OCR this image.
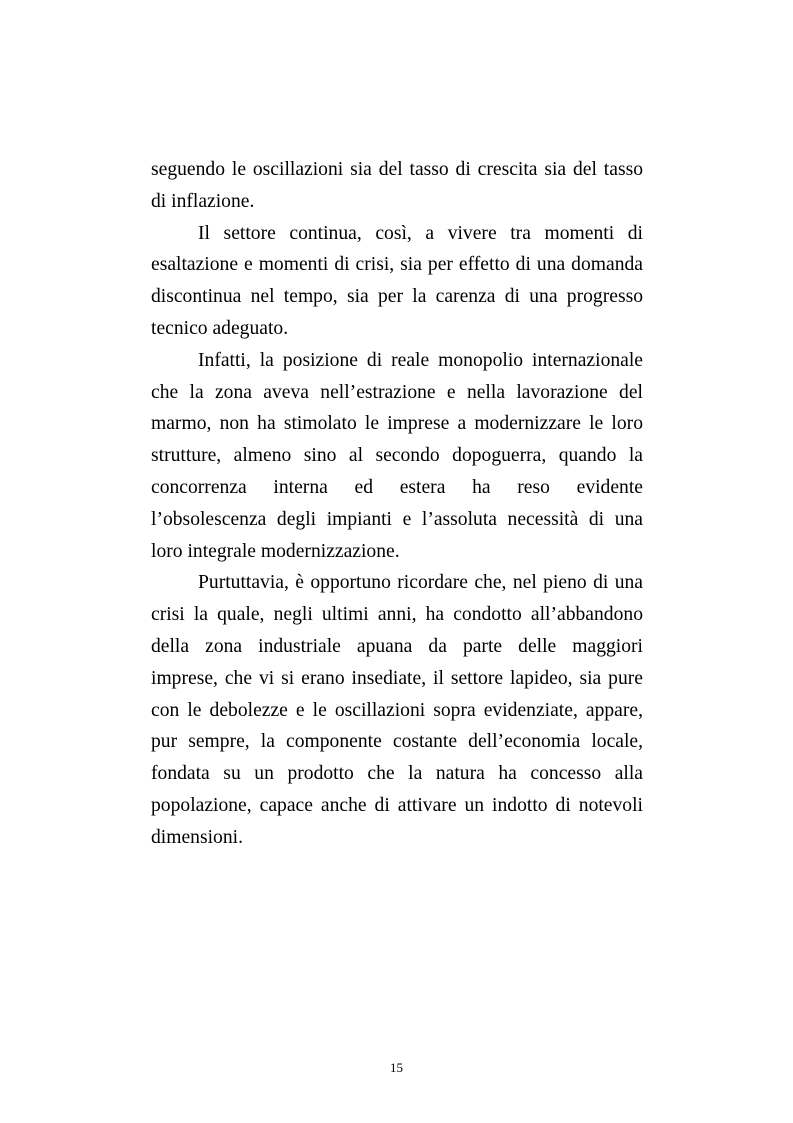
seguendo le oscillazioni sia del tasso di crescita sia del tasso
di inflazione.
Il settore continua, così, a vivere tra momenti di
esaltazione e momenti di crisi, sia per effetto di una domanda
discontinua nel tempo, sia per la carenza di una progresso
tecnico adeguato.
Infatti, la posizione di reale monopolio internazionale
che la zona aveva nell’estrazione e nella lavorazione del
marmo, non ha stimolato le imprese a modernizzare le loro
strutture, almeno sino al secondo dopoguerra, quando la
concorrenza interna ed estera ha reso evidente
l’obsolescenza degli impianti e l’assoluta necessità di una
loro integrale modernizzazione.
Purtuttavia, è opportuno ricordare che, nel pieno di una
crisi la quale, negli ultimi anni, ha condotto all’abbandono
della zona industriale apuana da parte delle maggiori
imprese, che vi si erano insediate, il settore lapideo, sia pure
con le debolezze e le oscillazioni sopra evidenziate, appare,
pur sempre, la componente costante dell’economia locale,
fondata su un prodotto che la natura ha concesso alla
popolazione, capace anche di attivare un indotto di notevoli
dimensioni.
15
